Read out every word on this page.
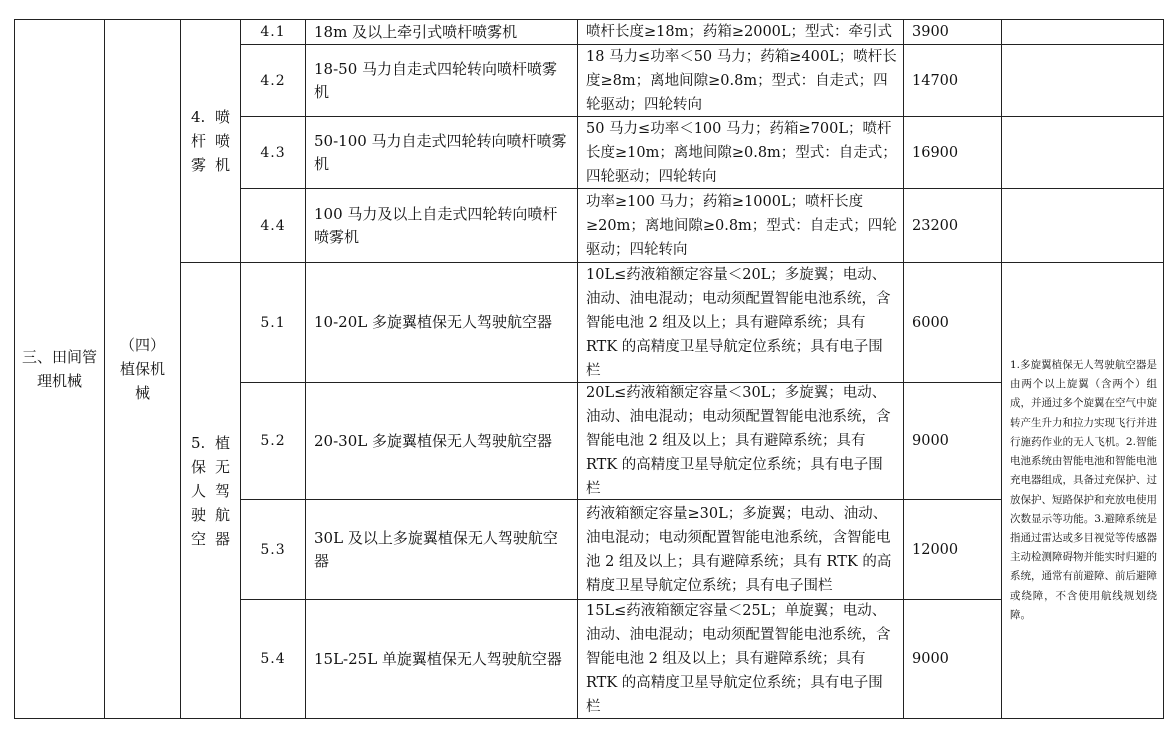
三、田间管理机械
（四）植保机械
4. 喷杆喷雾机
5. 植保无人驾驶航空器
4.1 18m 及以上牵引式喷杆喷雾机	喷杆长度≥18m；药箱≥2000L；型式：牵引式 3900
4.2
18-50 马力自走式四轮转向喷杆喷雾机
18 马力≤功率＜50 马力；药箱≥400L；喷杆长度≥8m；离地间隙≥0.8m；型式：自走式；四轮驱动；四轮转向
14700
4.3
50-100 马力自走式四轮转向喷杆喷雾机
50 马力≤功率＜100 马力；药箱≥700L；喷杆长度≥10m；离地间隙≥0.8m；型式：自走式；四轮驱动；四轮转向
16900
4.4
100 马力及以上自走式四轮转向喷杆喷雾机
功率≥100 马力；药箱≥1000L；喷杆长度≥20m；离地间隙≥0.8m；型式：自走式；四轮驱动；四轮转向
23200
5.1 10-20L 多旋翼植保无人驾驶航空器
10L≤药液箱额定容量＜20L；多旋翼；电动、油动、油电混动；电动须配置智能电池系统，含智能电池 2 组及以上；具有避障系统；具有 RTK 的高精度卫星导航定位系统；具有电子围栏
6000
5.2 20-30L 多旋翼植保无人驾驶航空器
20L≤药液箱额定容量＜30L；多旋翼；电动、油动、油电混动；电动须配置智能电池系统，含智能电池 2 组及以上；具有避障系统；具有 RTK 的高精度卫星导航定位系统；具有电子围栏
9000
5.3
30L 及以上多旋翼植保无人驾驶航空器
药液箱额定容量≥30L；多旋翼；电动、油动、油电混动；电动须配置智能电池系统，含智能电池 2 组及以上；具有避障系统；具有 RTK 的高精度卫星导航定位系统；具有电子围栏
12000
5.4 15L-25L 单旋翼植保无人驾驶航空器
15L≤药液箱额定容量＜25L；单旋翼；电动、油动、油电混动；电动须配置智能电池系统，含智能电池 2 组及以上；具有避障系统；具有 RTK 的高精度卫星导航定位系统；具有电子围栏
9000
1.多旋翼植保无人驾驶航空器是由两个以上旋翼（含两个）组成，并通过多个旋翼在空气中旋转产生升力和拉力实现飞行并进行施药作业的无人飞机。2.智能电池系统由智能电池和智能电池充电器组成，具备过充保护、过放保护、短路保护和充放电使用次数显示等功能。3.避障系统是指通过雷达或多目视觉等传感器主动检测障碍物并能实时归避的系统，通常有前避障、前后避障或绕障，不含使用航线规划绕障。
